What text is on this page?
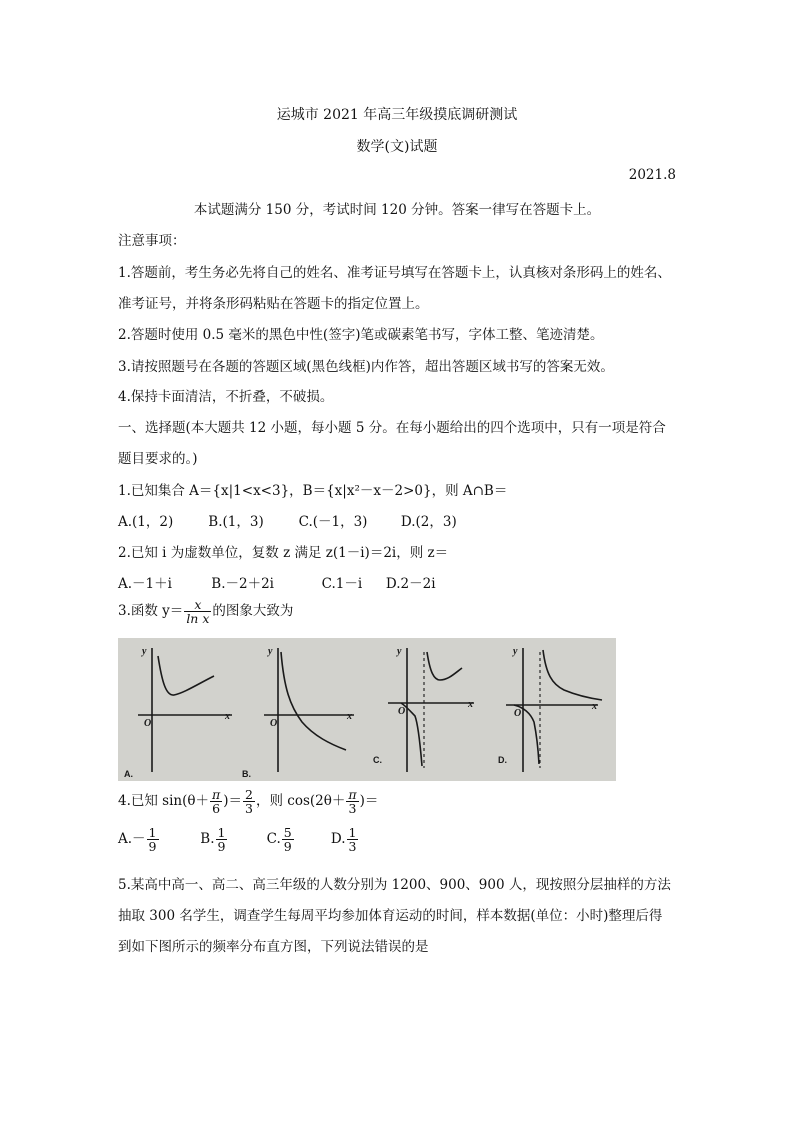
运城市 2021 年高三年级摸底调研测试
数学(文)试题
2021.8
本试题满分 150 分，考试时间 120 分钟。答案一律写在答题卡上。
注意事项：
1.答题前，考生务必先将自己的姓名、准考证号填写在答题卡上，认真核对条形码上的姓名、
准考证号，并将条形码粘贴在答题卡的指定位置上。
2.答题时使用 0.5 毫米的黑色中性(签字)笔或碳素笔书写，字体工整、笔迹清楚。
3.请按照题号在各题的答题区域(黑色线框)内作答，超出答题区域书写的答案无效。
4.保持卡面清洁，不折叠，不破损。
一、选择题(本大题共 12 小题，每小题 5 分。在每小题给出的四个选项中，只有一项是符合
题目要求的。)
1.已知集合 A＝{x|1<x<3}，B＝{x|x²－x－2>0}，则 A∩B＝
A.(1，2)	B.(1，3)	C.(－1，3) D.(2，3)
2.已知 i 为虚数单位，复数 z 满足 z(1－i)＝2i，则 z＝
A.－1＋i	B.－2＋2i	C.1－i D.2－2i
3.函数 $y= \frac{x}{\text{ln x}}$ 的图象大致为
y
x
O
y
x
O
y
x
O
y
x
O
A.	B.
C.	D.
4.已知 $\sin(\theta+ \frac{\pi}{6}$ )＝ $\frac{2}{3}$ ，则 $\cos(2\theta+ \frac{\pi}{3}$ )＝
$A.- \frac{1}{9}$	B. $\frac{1}{9}$	C. $\frac{5}{9}$	D. $\frac{1}{3}$
5.某高中高一、高二、高三年级的人数分别为 1200、900、900 人，现按照分层抽样的方法
抽取 300 名学生，调查学生每周平均参加体育运动的时间，样本数据(单位：小时)整理后得
到如下图所示的频率分布直方图，下列说法错误的是
